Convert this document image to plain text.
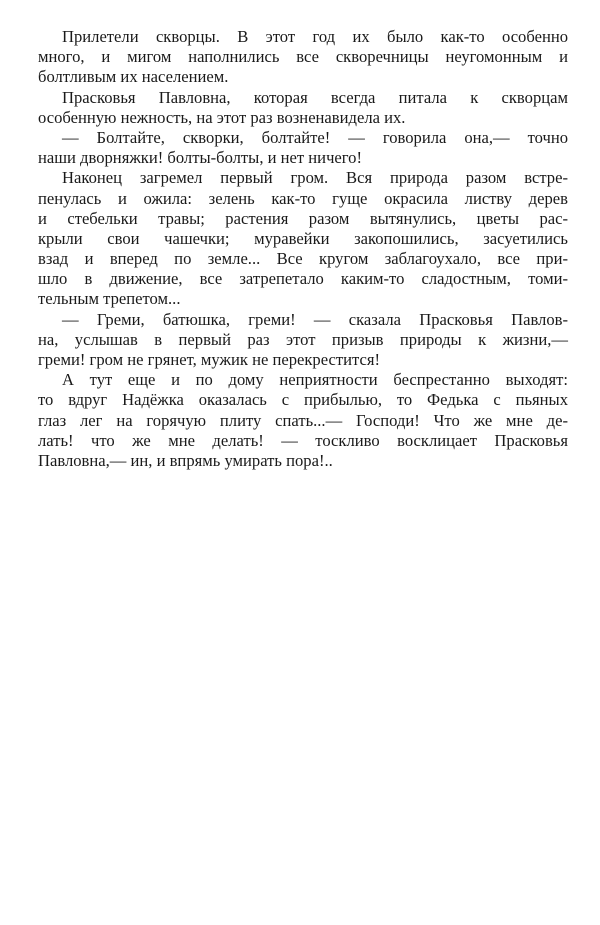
Прилетели скворцы. В этот год их было как-то особенно
много, и мигом наполнились все скворечницы неугомонным и
болтливым их населением.
Прасковья Павловна, которая всегда питала к скворцам
особенную нежность, на этот раз возненавидела их.
— Болтайте, скворки, болтайте! — говорила она,— точно
наши дворняжки! болты-болты, и нет ничего!
Наконец загремел первый гром. Вся природа разом встре-
пенулась и ожила: зелень как-то гуще окрасила листву дерев
и стебельки травы; растения разом вытянулись, цветы рас-
крыли свои чашечки; муравейки закопошились, засуетились
взад и вперед по земле... Все кругом заблагоухало, все при-
шло в движение, все затрепетало каким-то сладостным, томи-
тельным трепетом...
— Греми, батюшка, греми! — сказала Прасковья Павлов-
на, услышав в первый раз этот призыв природы к жизни,—
греми! гром не грянет, мужик не перекрестится!
А тут еще и по дому неприятности беспрестанно выходят:
то вдруг Надёжка оказалась с прибылью, то Федька с пьяных
глаз лег на горячую плиту спать...— Господи! Что же мне де-
лать! что же мне делать! — тоскливо восклицает Прасковья
Павловна,— ин, и впрямь умирать пора!..
